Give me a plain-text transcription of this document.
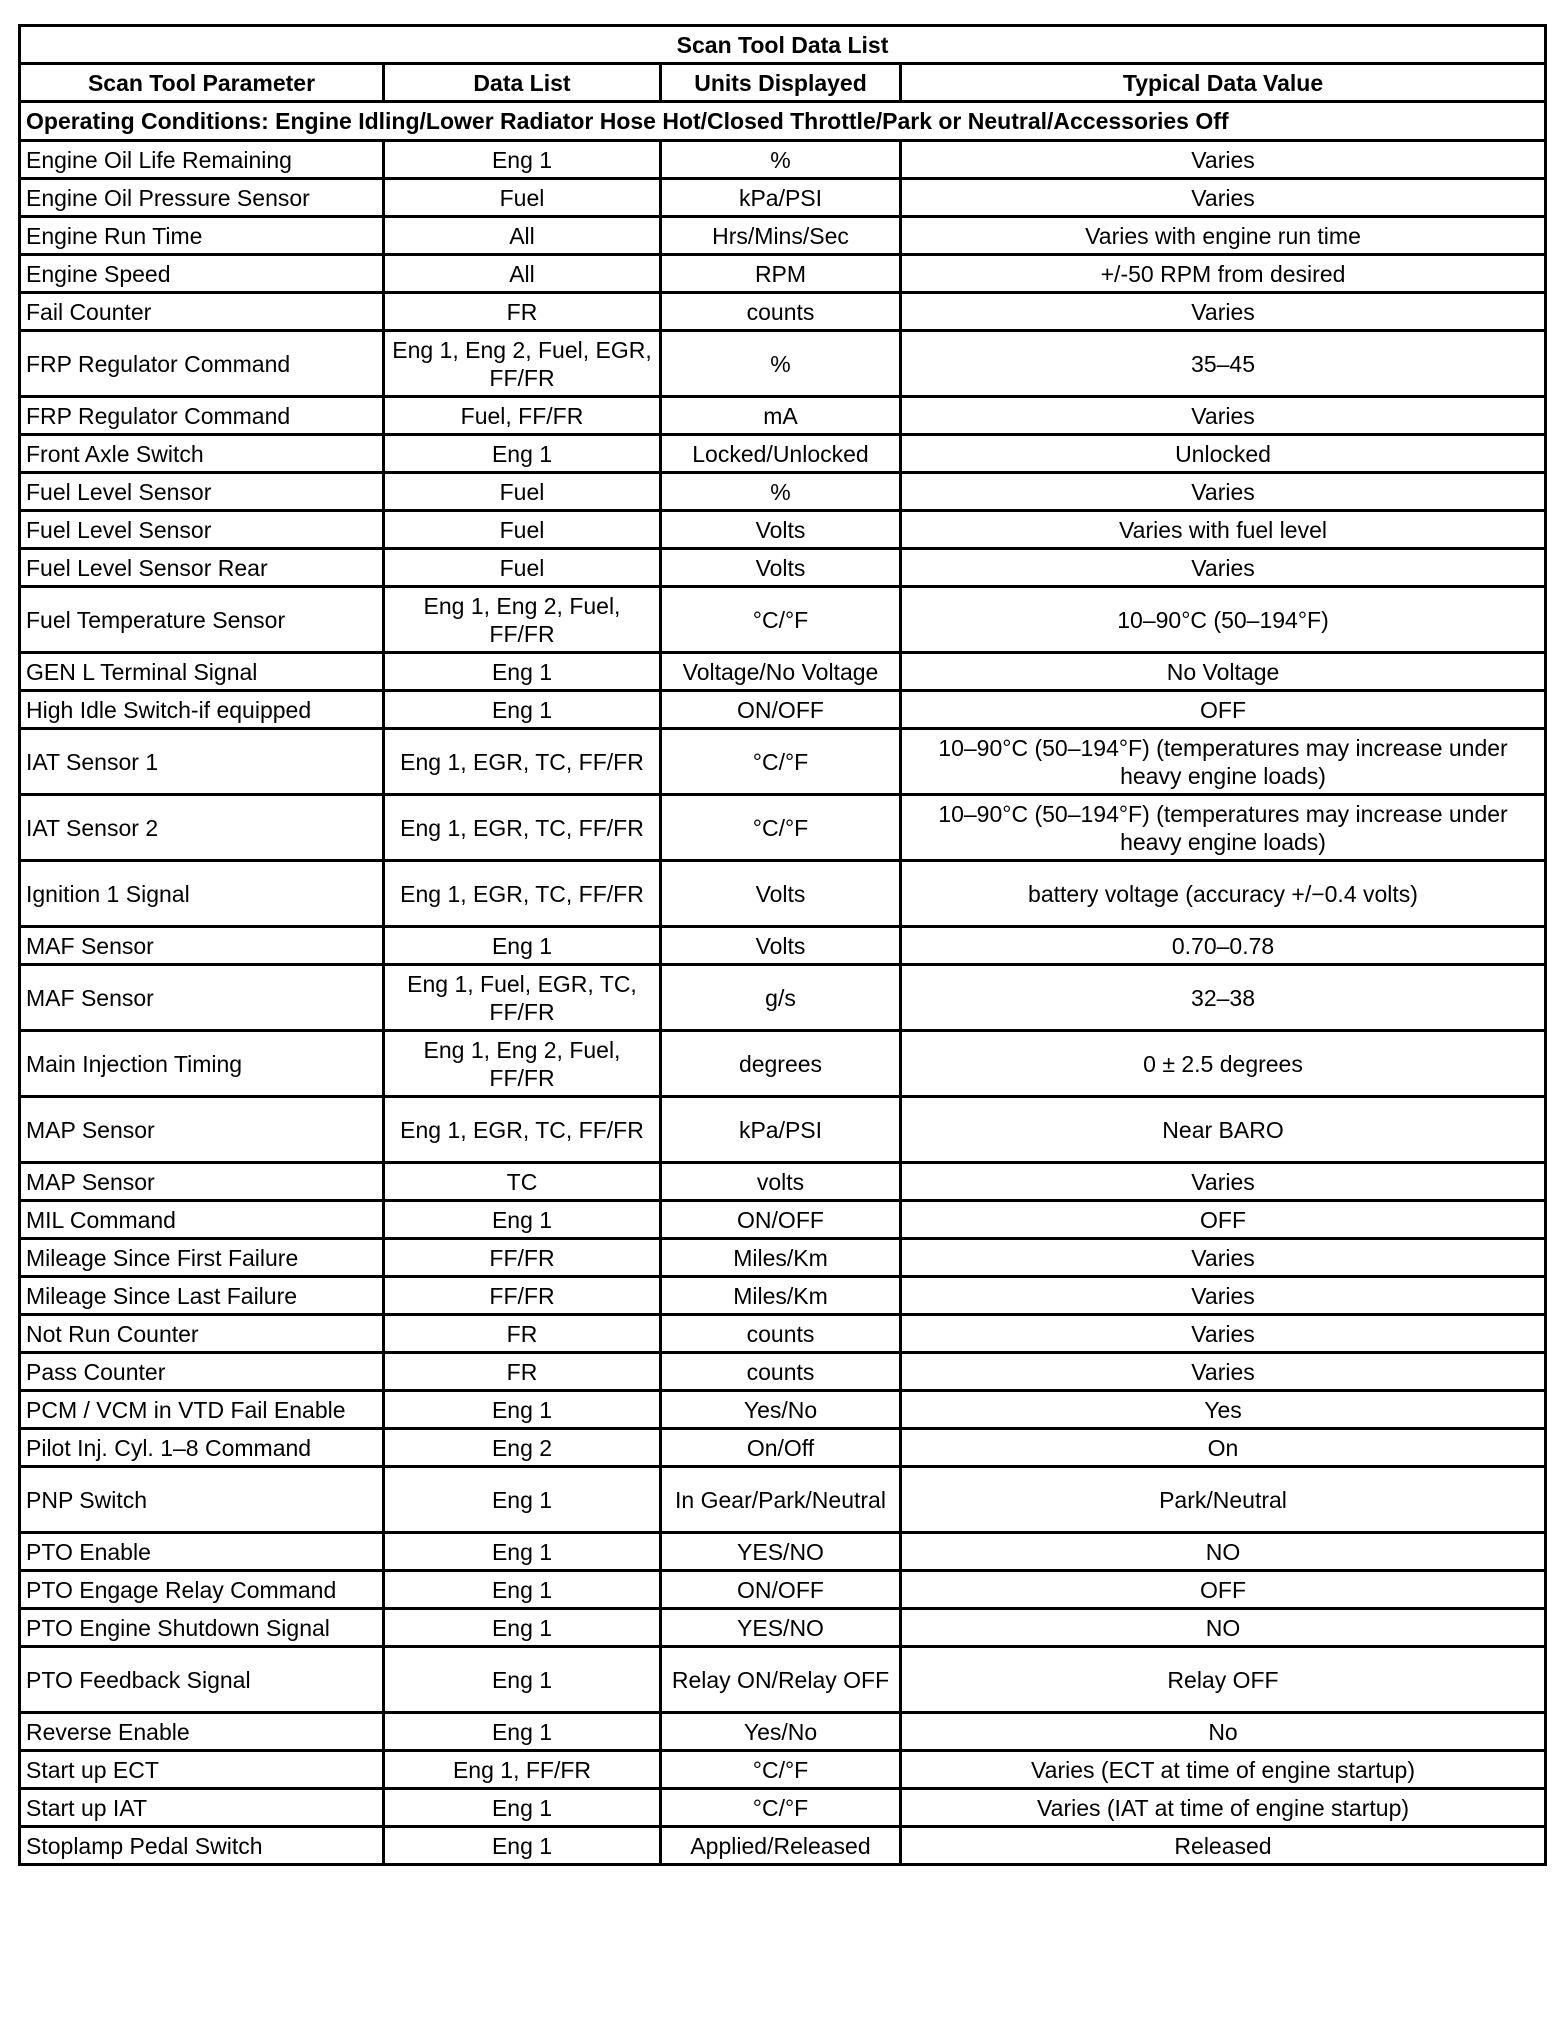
Scan Tool Data List			
Scan Tool Parameter	Data List	Units Displayed	Typical Data Value
Operating Conditions: Engine Idling/Lower Radiator Hose Hot/Closed Throttle/Park or Neutral/Accessories Off			
Engine Oil Life Remaining	Eng 1	%	Varies
Engine Oil Pressure Sensor	Fuel	kPa/PSI	Varies
Engine Run Time	All	Hrs/Mins/Sec	Varies with engine run time
Engine Speed	All	RPM	+/-50 RPM from desired
Fail Counter	FR	counts	Varies
FRP Regulator Command	Eng 1, Eng 2, Fuel, EGR, FF/FR	%	35–45
FRP Regulator Command	Fuel, FF/FR	mA	Varies
Front Axle Switch	Eng 1	Locked/Unlocked	Unlocked
Fuel Level Sensor	Fuel	%	Varies
Fuel Level Sensor	Fuel	Volts	Varies with fuel level
Fuel Level Sensor Rear	Fuel	Volts	Varies
Fuel Temperature Sensor	Eng 1, Eng 2, Fuel, FF/FR	°C/°F	10–90°C (50–194°F)
GEN L Terminal Signal	Eng 1	Voltage/No Voltage	No Voltage
High Idle Switch-if equipped	Eng 1	ON/OFF	OFF
IAT Sensor 1	Eng 1, EGR, TC, FF/FR	°C/°F	10–90°C (50–194°F) (temperatures may increase under heavy engine loads)
IAT Sensor 2	Eng 1, EGR, TC, FF/FR	°C/°F	10–90°C (50–194°F) (temperatures may increase under heavy engine loads)
Ignition 1 Signal	Eng 1, EGR, TC, FF/FR	Volts	battery voltage (accuracy +/−0.4 volts)
MAF Sensor	Eng 1	Volts	0.70–0.78
MAF Sensor	Eng 1, Fuel, EGR, TC, FF/FR	g/s	32–38
Main Injection Timing	Eng 1, Eng 2, Fuel, FF/FR	degrees	0 ± 2.5 degrees
MAP Sensor	Eng 1, EGR, TC, FF/FR	kPa/PSI	Near BARO
MAP Sensor	TC	volts	Varies
MIL Command	Eng 1	ON/OFF	OFF
Mileage Since First Failure	FF/FR	Miles/Km	Varies
Mileage Since Last Failure	FF/FR	Miles/Km	Varies
Not Run Counter	FR	counts	Varies
Pass Counter	FR	counts	Varies
PCM / VCM in VTD Fail Enable	Eng 1	Yes/No	Yes
Pilot Inj. Cyl. 1–8 Command	Eng 2	On/Off	On
PNP Switch	Eng 1	In Gear/Park/Neutral	Park/Neutral
PTO Enable	Eng 1	YES/NO	NO
PTO Engage Relay Command	Eng 1	ON/OFF	OFF
PTO Engine Shutdown Signal	Eng 1	YES/NO	NO
PTO Feedback Signal	Eng 1	Relay ON/Relay OFF	Relay OFF
Reverse Enable	Eng 1	Yes/No	No
Start up ECT	Eng 1, FF/FR	°C/°F	Varies (ECT at time of engine startup)
Start up IAT	Eng 1	°C/°F	Varies (IAT at time of engine startup)
Stoplamp Pedal Switch	Eng 1	Applied/Released	Released
